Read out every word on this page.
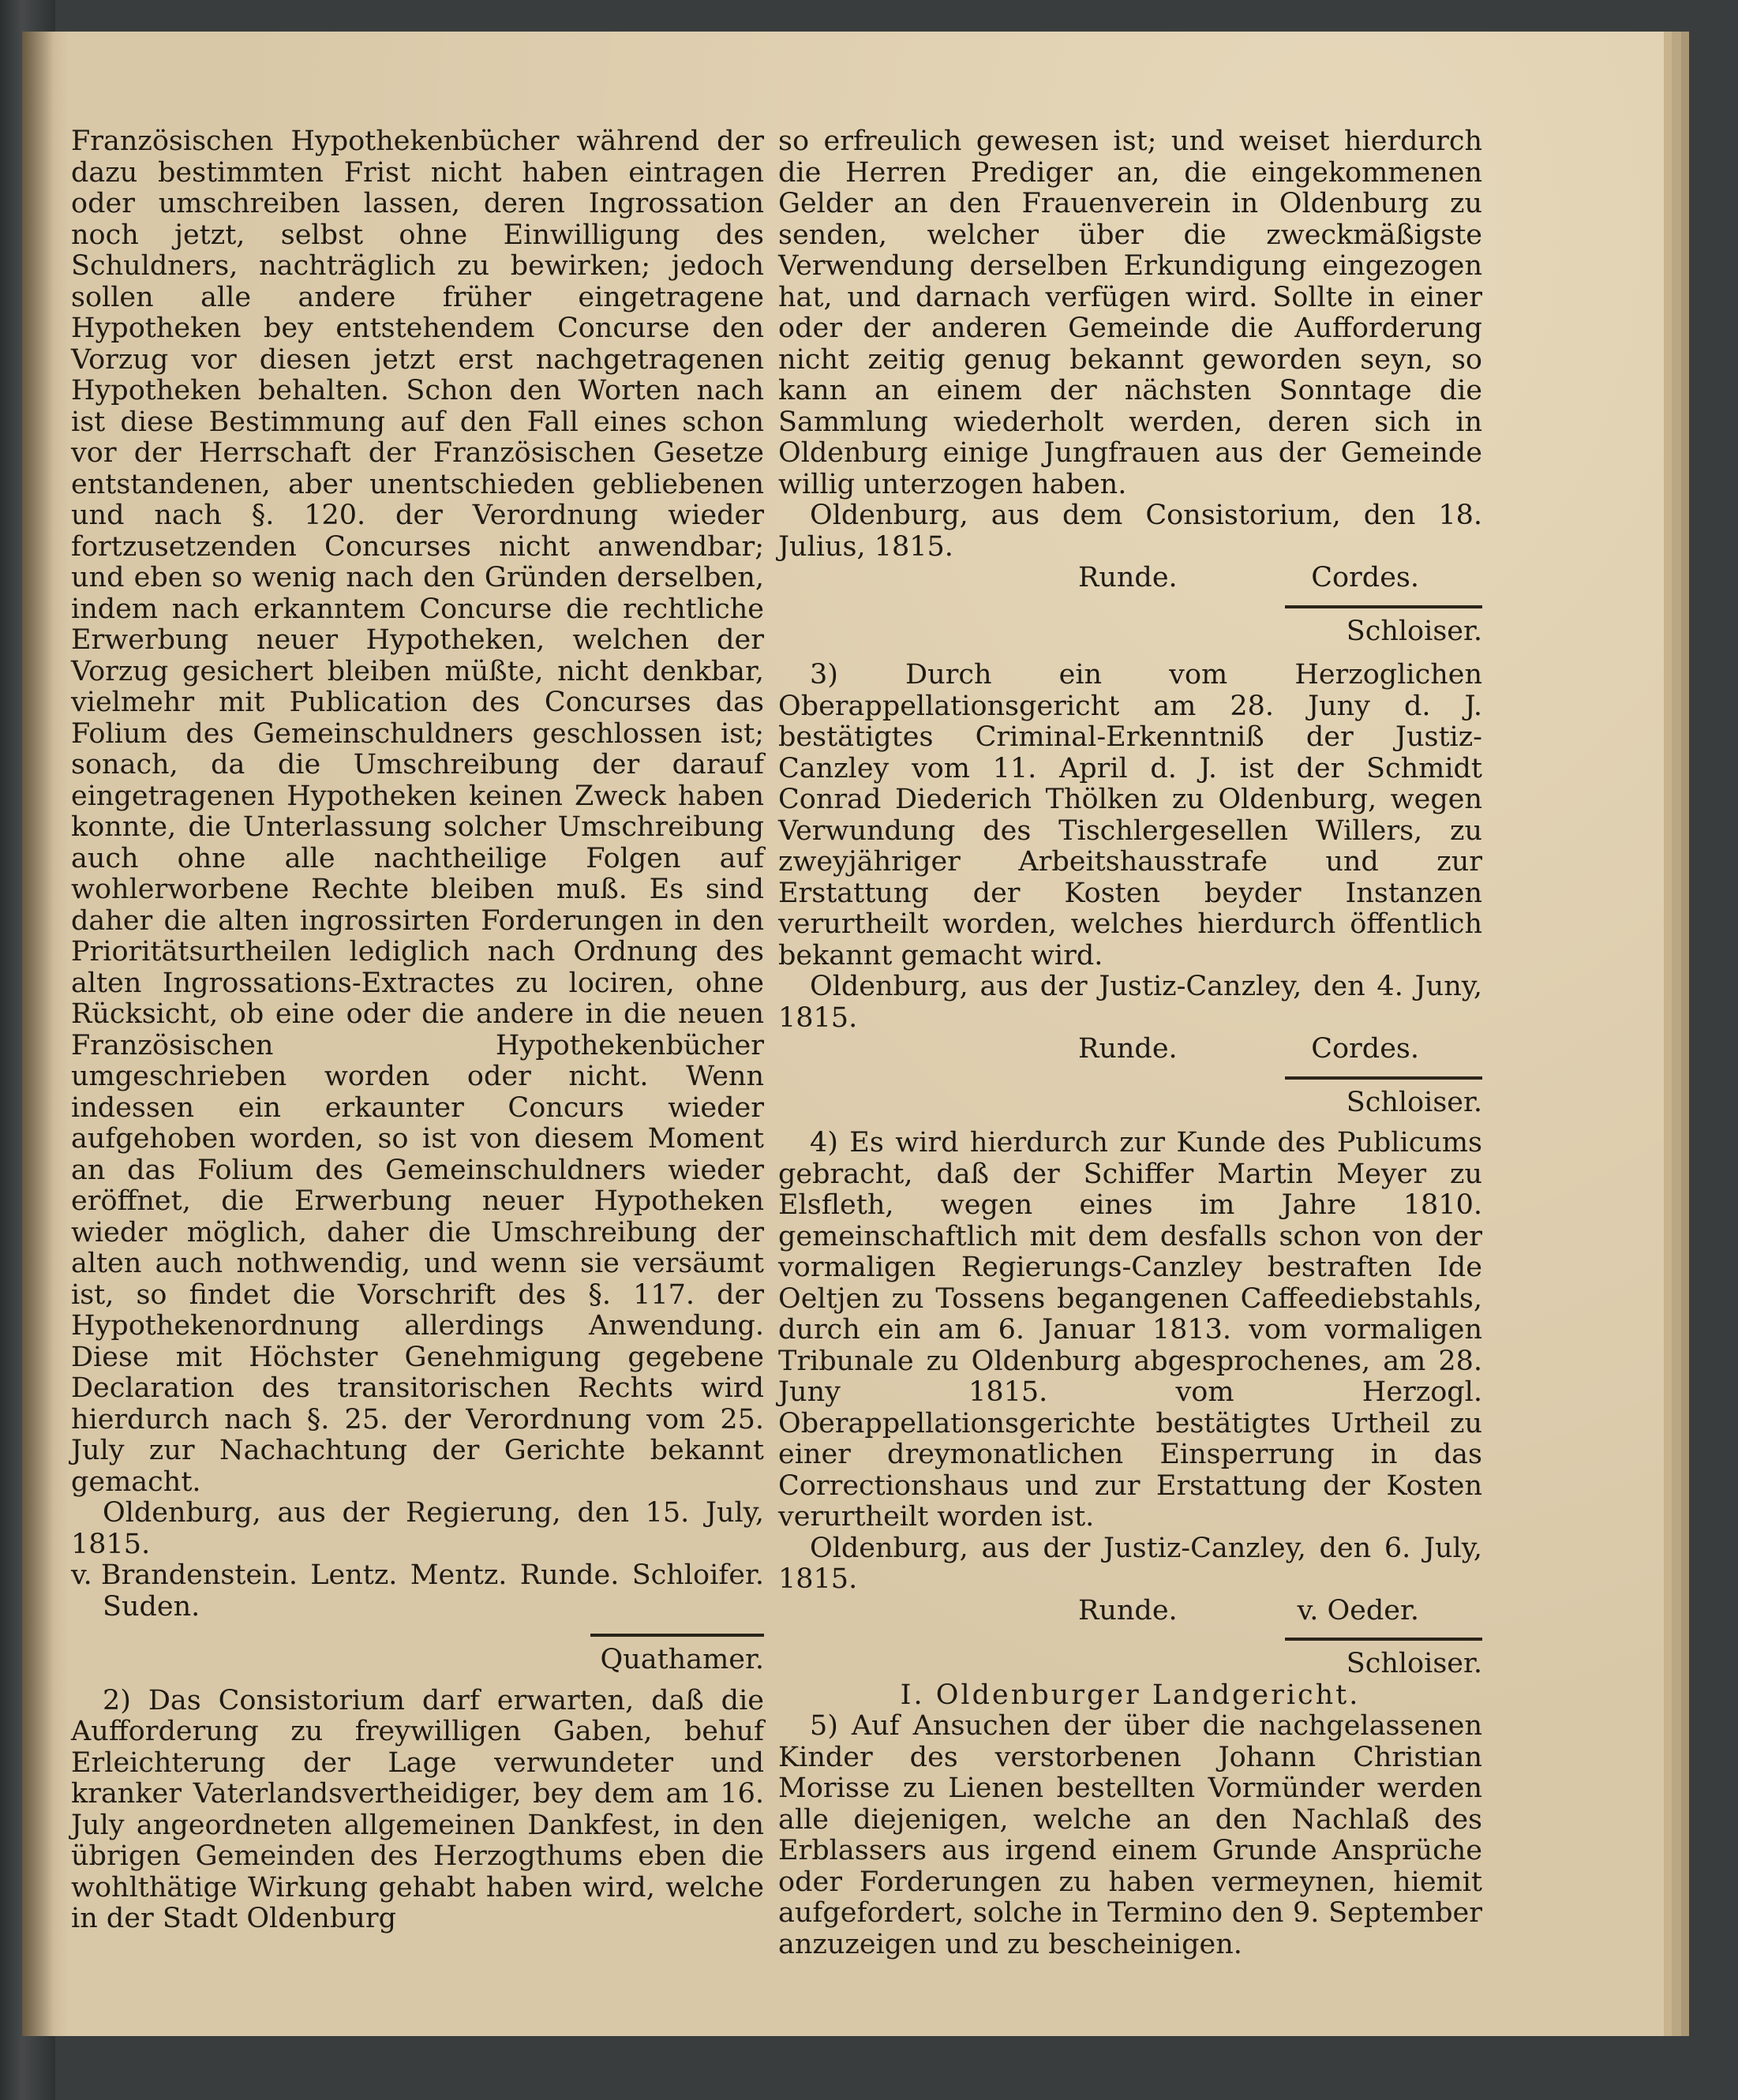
Französischen Hypothekenbücher während der dazu bestimmten Frist nicht haben eintragen oder umschreiben lassen, deren Ingrossation noch jetzt, selbst ohne Einwilligung des Schuldners, nachträglich zu bewirken; jedoch sollen alle andere früher eingetragene Hypotheken bey entstehendem Concurse den Vorzug vor diesen jetzt erst nachgetragenen Hypotheken behalten. Schon den Worten nach ist diese Bestimmung auf den Fall eines schon vor der Herrschaft der Französischen Gesetze entstandenen, aber unentschieden gebliebenen und nach §. 120. der Verordnung wieder fortzusetzenden Concurses nicht anwendbar; und eben so wenig nach den Gründen derselben, indem nach erkanntem Concurse die rechtliche Erwerbung neuer Hypotheken, welchen der Vorzug gesichert bleiben müßte, nicht denkbar, vielmehr mit Publication des Concurses das Folium des Gemeinschuldners geschlossen ist; sonach, da die Umschreibung der darauf eingetragenen Hypotheken keinen Zweck haben konnte, die Unterlassung solcher Umschreibung auch ohne alle nachtheilige Folgen auf wohlerworbene Rechte bleiben muß. Es sind daher die alten ingrossirten Forderungen in den Prioritätsurtheilen lediglich nach Ordnung des alten Ingrossations-Extractes zu lociren, ohne Rücksicht, ob eine oder die andere in die neuen Französischen Hypothekenbücher umgeschrieben worden oder nicht. Wenn indessen ein erkaunter Concurs wieder aufgehoben worden, so ist von diesem Moment an das Folium des Gemeinschuldners wieder eröffnet, die Erwerbung neuer Hypotheken wieder möglich, daher die Umschreibung der alten auch nothwendig, und wenn sie versäumt ist, so findet die Vorschrift des §. 117. der Hypothekenordnung allerdings Anwendung. Diese mit Höchster Genehmigung gegebene Declaration des transitorischen Rechts wird hierdurch nach §. 25. der Verordnung vom 25. July zur Nachachtung der Gerichte bekannt gemacht.

Oldenburg, aus der Regierung, den 15. July, 1815.

v. Brandenstein. Lentz. Mentz. Runde. Schloifer.

Suden.

Quathamer.

2) Das Consistorium darf erwarten, daß die Aufforderung zu freywilligen Gaben, behuf Erleichterung der Lage verwundeter und kranker Vaterlandsvertheidiger, bey dem am 16. July angeordneten allgemeinen Dankfest, in den übrigen Gemeinden des Herzogthums eben die wohlthätige Wirkung gehabt haben wird, welche in der Stadt Oldenburg

so erfreulich gewesen ist; und weiset hierdurch die Herren Prediger an, die eingekommenen Gelder an den Frauenverein in Oldenburg zu senden, welcher über die zweckmäßigste Verwendung derselben Erkundigung eingezogen hat, und darnach verfügen wird. Sollte in einer oder der anderen Gemeinde die Aufforderung nicht zeitig genug bekannt geworden seyn, so kann an einem der nächsten Sonntage die Sammlung wiederholt werden, deren sich in Oldenburg einige Jungfrauen aus der Gemeinde willig unterzogen haben.

Oldenburg, aus dem Consistorium, den 18. Julius, 1815.

Runde.	Cordes.

Schloiser.

3) Durch ein vom Herzoglichen Oberappellationsgericht am 28. Juny d. J. bestätigtes Criminal-Erkenntniß der Justiz-Canzley vom 11. April d. J. ist der Schmidt Conrad Diederich Thölken zu Oldenburg, wegen Verwundung des Tischlergesellen Willers, zu zweyjähriger Arbeitshausstrafe und zur Erstattung der Kosten beyder Instanzen verurtheilt worden, welches hierdurch öffentlich bekannt gemacht wird.

Oldenburg, aus der Justiz-Canzley, den 4. Juny, 1815.

Runde.	Cordes.

Schloiser.

4) Es wird hierdurch zur Kunde des Publicums gebracht, daß der Schiffer Martin Meyer zu Elsfleth, wegen eines im Jahre 1810. gemeinschaftlich mit dem desfalls schon von der vormaligen Regierungs-Canzley bestraften Ide Oeltjen zu Tossens begangenen Caffeediebstahls, durch ein am 6. Januar 1813. vom vormaligen Tribunale zu Oldenburg abgesprochenes, am 28. Juny 1815. vom Herzogl. Oberappellationsgerichte bestätigtes Urtheil zu einer dreymonatlichen Einsperrung in das Correctionshaus und zur Erstattung der Kosten verurtheilt worden ist.

Oldenburg, aus der Justiz-Canzley, den 6. July, 1815.

Runde.	v. Oeder.

Schloiser.

I. Oldenburger Landgericht.

5) Auf Ansuchen der über die nachgelassenen Kinder des verstorbenen Johann Christian Morisse zu Lienen bestellten Vormünder werden alle diejenigen, welche an den Nachlaß des Erblassers aus irgend einem Grunde Ansprüche oder Forderungen zu haben vermeynen, hiemit aufgefordert, solche in Termino den 9. September anzuzeigen und zu bescheinigen.
